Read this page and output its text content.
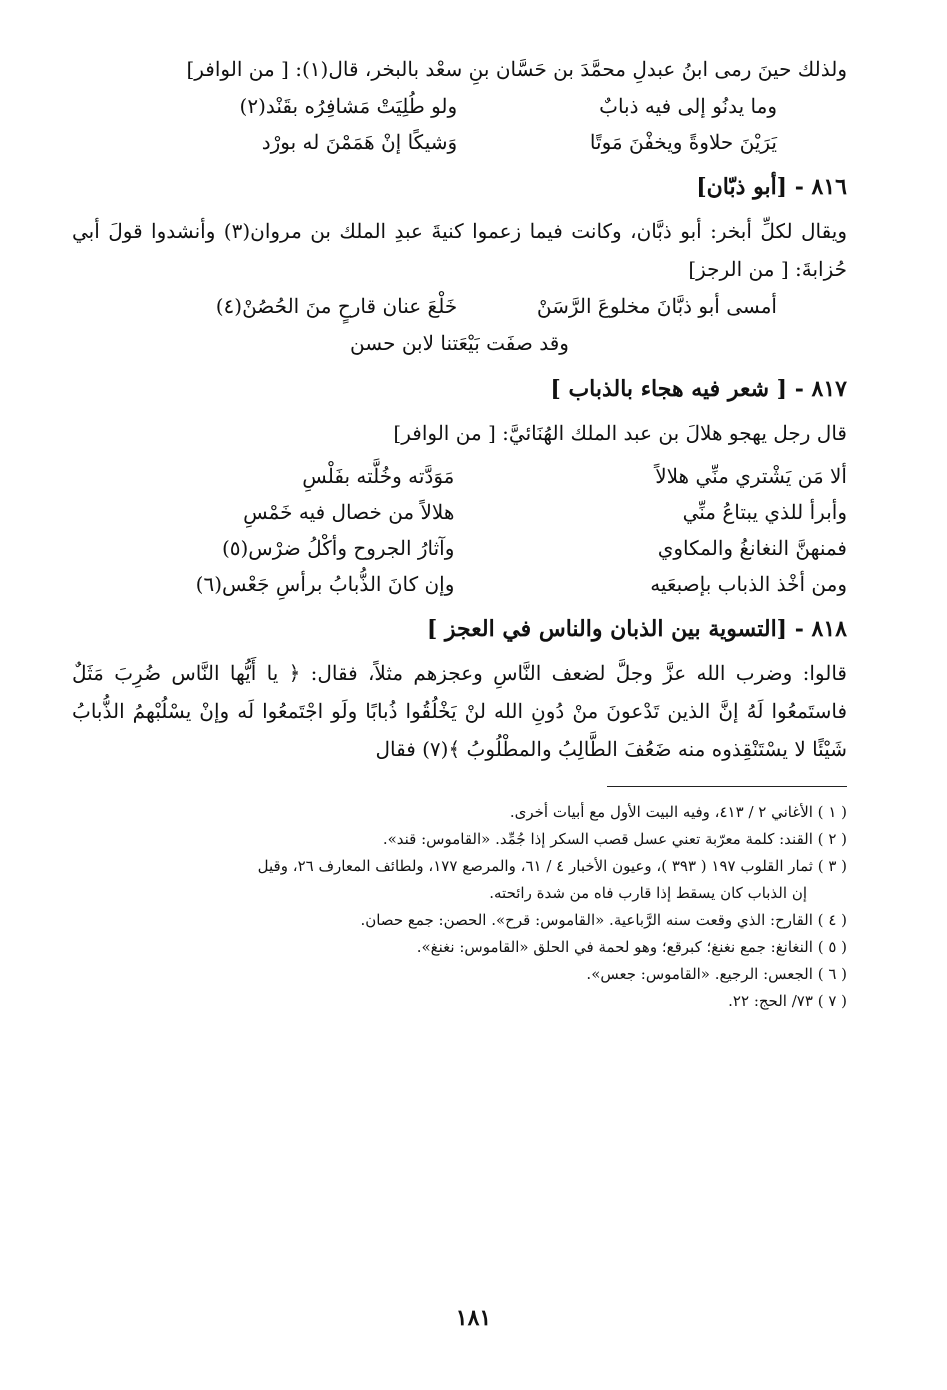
ولذلك حينَ رمى ابنُ عبدلِ محمَّدَ بن حَسَّان بنِ سعْد بالبخر، قال(١): [ من الوافر]

وما يدنُو إلى فيه ذبابٌ
ولو طُلِيَتْ مَشافِرُه بقَنْد(٢)
يَرَيْنَ حلاوةً ويخفْنَ مَوتًا
وَشيكًا إنْ هَمَمْنَ له بورْد
٨١٦ - [أبو ذبّان]

ويقال لكلِّ أبخر: أبو ذبَّان، وكانت فيما زعموا كنيةَ عبدِ الملك بن مروان(٣) وأنشدوا قولَ أبي حُزابةَ: [ من الرجز]

أمسى أبو ذبَّانَ مخلوعَ الرَّسَنْ
خَلْعَ عنان قارحٍ منَ الحُصُنْ(٤)

وقد صفَت بَيْعَتنا لابن حسن

٨١٧ - [ شعر فيه هجاء بالذباب ]

قال رجل يهجو هلالَ بن عبد الملك الهُنَائيَّ: [ من الوافر]

ألا مَن يَشْتري منِّي هلالاً
مَوَدَّته وخُلَّته بفَلْسِ
وأبرأ للذي يبتاعُ منِّي
هلالاً من خصال فيه خَمْسِ
فمنهنَّ النغانغُ والمكاوي
وآثارُ الجروح وأكْلُ ضرْس(٥)
ومن أخْذ الذباب بإصبعَيه
وإن كانَ الذُّبابُ برأسِ جَعْس(٦)
٨١٨ - [التسوية بين الذبان والناس في العجز ]

قالوا: وضرب الله عزَّ وجلَّ لضعف النَّاسِ وعجزهم مثلاً، فقال: ﴿ يا أَيُّها النَّاس ضُرِبَ مَثَلٌ فاستَمعُوا لَهُ إنَّ الذين تَدْعونَ منْ دُونِ الله لنْ يَخْلُقُوا ذُبابًا ولَو اجْتَمعُوا لَه وإنْ يسْلُبْهمُ الذُّبابُ شَيْئًا لا يسْتَنْقِذوه منه ضَعُفَ الطَّالِبُ والمطْلُوبُ ﴾(٧) فقال

( ١ ) الأغاني ٢ / ٤١٣، وفيه البيت الأول مع أبيات أخرى.

( ٢ ) القند: كلمة معرّبة تعني عسل قصب السكر إذا جُمِّد. «القاموس: قند».

( ٣ ) ثمار القلوب ١٩٧ ( ٣٩٣ )، وعيون الأخبار ٤ / ٦١، والمرصع ١٧٧، ولطائف المعارف ٢٦، وقيل

إن الذباب كان يسقط إذا قارب فاه من شدة رائحته.

( ٤ ) القارح: الذي وقعت سنه الرَّباعية. «القاموس: قرح». الحصن: جمع حصان.

( ٥ ) النغانغ: جمع نغنغ؛ كبرقع؛ وهو لحمة في الحلق «القاموس: نغنغ».

( ٦ ) الجعس: الرجيع. «القاموس: جعس».

( ٧ ) ٧٣/ الحج: ٢٢.

١٨١
